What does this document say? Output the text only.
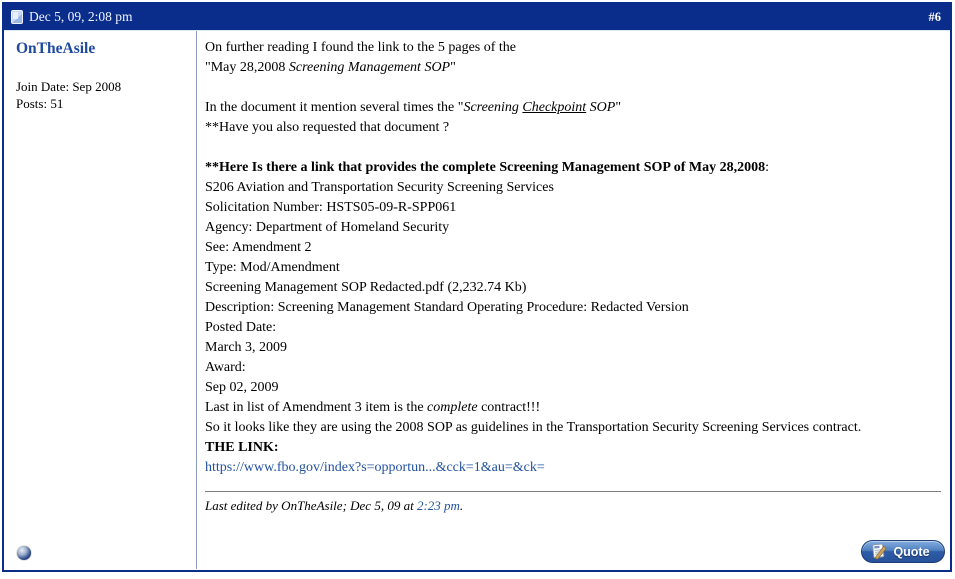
Dec 5, 09, 2:08 pm	#6
OnTheAsile
Join Date: Sep 2008
Posts: 51
On further reading I found the link to the 5 pages of the
"May 28,2008 Screening Management SOP"

In the document it mention several times the "Screening Checkpoint SOP"
**Have you also requested that document ?

**Here Is there a link that provides the complete Screening Management SOP of May 28,2008:
S206 Aviation and Transportation Security Screening Services
Solicitation Number: HSTS05-09-R-SPP061
Agency: Department of Homeland Security
See: Amendment 2
Type: Mod/Amendment
Screening Management SOP Redacted.pdf (2,232.74 Kb)
Description: Screening Management Standard Operating Procedure: Redacted Version
Posted Date:
March 3, 2009
Award:
Sep 02, 2009
Last in list of Amendment 3 item is the complete contract!!!
So it looks like they are using the 2008 SOP as guidelines in the Transportation Security Screening Services contract.
THE LINK:
https://www.fbo.gov/index?s=opportun...&cck=1&au=&ck=
Last edited by OnTheAsile; Dec 5, 09 at 2:23 pm.
Quote
